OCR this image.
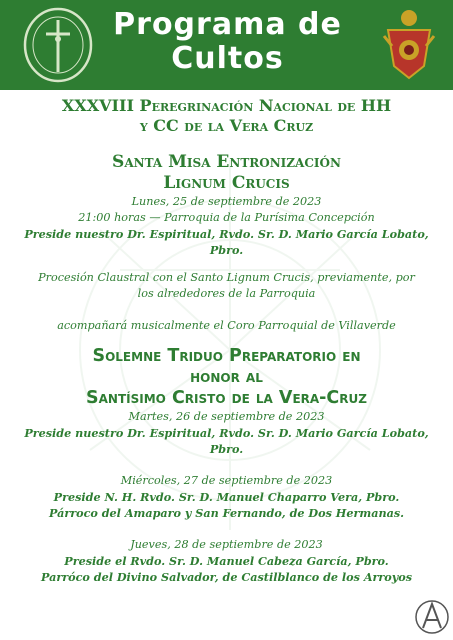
Programa de
Cultos
XXXVIII Peregrinación Nacional de HH
y CC de la Vera Cruz
Santa Misa Entronización
Lignum Crucis
Lunes, 25 de septiembre de 2023
21:00 horas — Parroquia de la Purísima Concepción
Preside nuestro Dr. Espiritual, Rvdo. Sr. D. Mario García Lobato,
Pbro.
Procesión Claustral con el Santo Lignum Crucis, previamente, por
los alrededores de la Parroquia
acompañará musicalmente el Coro Parroquial de Villaverde
Solemne Triduo Preparatorio en
honor al
Santísimo Cristo de la Vera-Cruz
Martes, 26 de septiembre de 2023
Preside nuestro Dr. Espiritual, Rvdo. Sr. D. Mario García Lobato,
Pbro.
Miércoles, 27 de septiembre de 2023
Preside N. H. Rvdo. Sr. D. Manuel Chaparro Vera, Pbro.
Párroco del Amaparo y San Fernando, de Dos Hermanas.
Jueves, 28 de septiembre de 2023
Preside el Rvdo. Sr. D. Manuel Cabeza García, Pbro.
Parróco del Divino Salvador, de Castilblanco de los Arroyos
